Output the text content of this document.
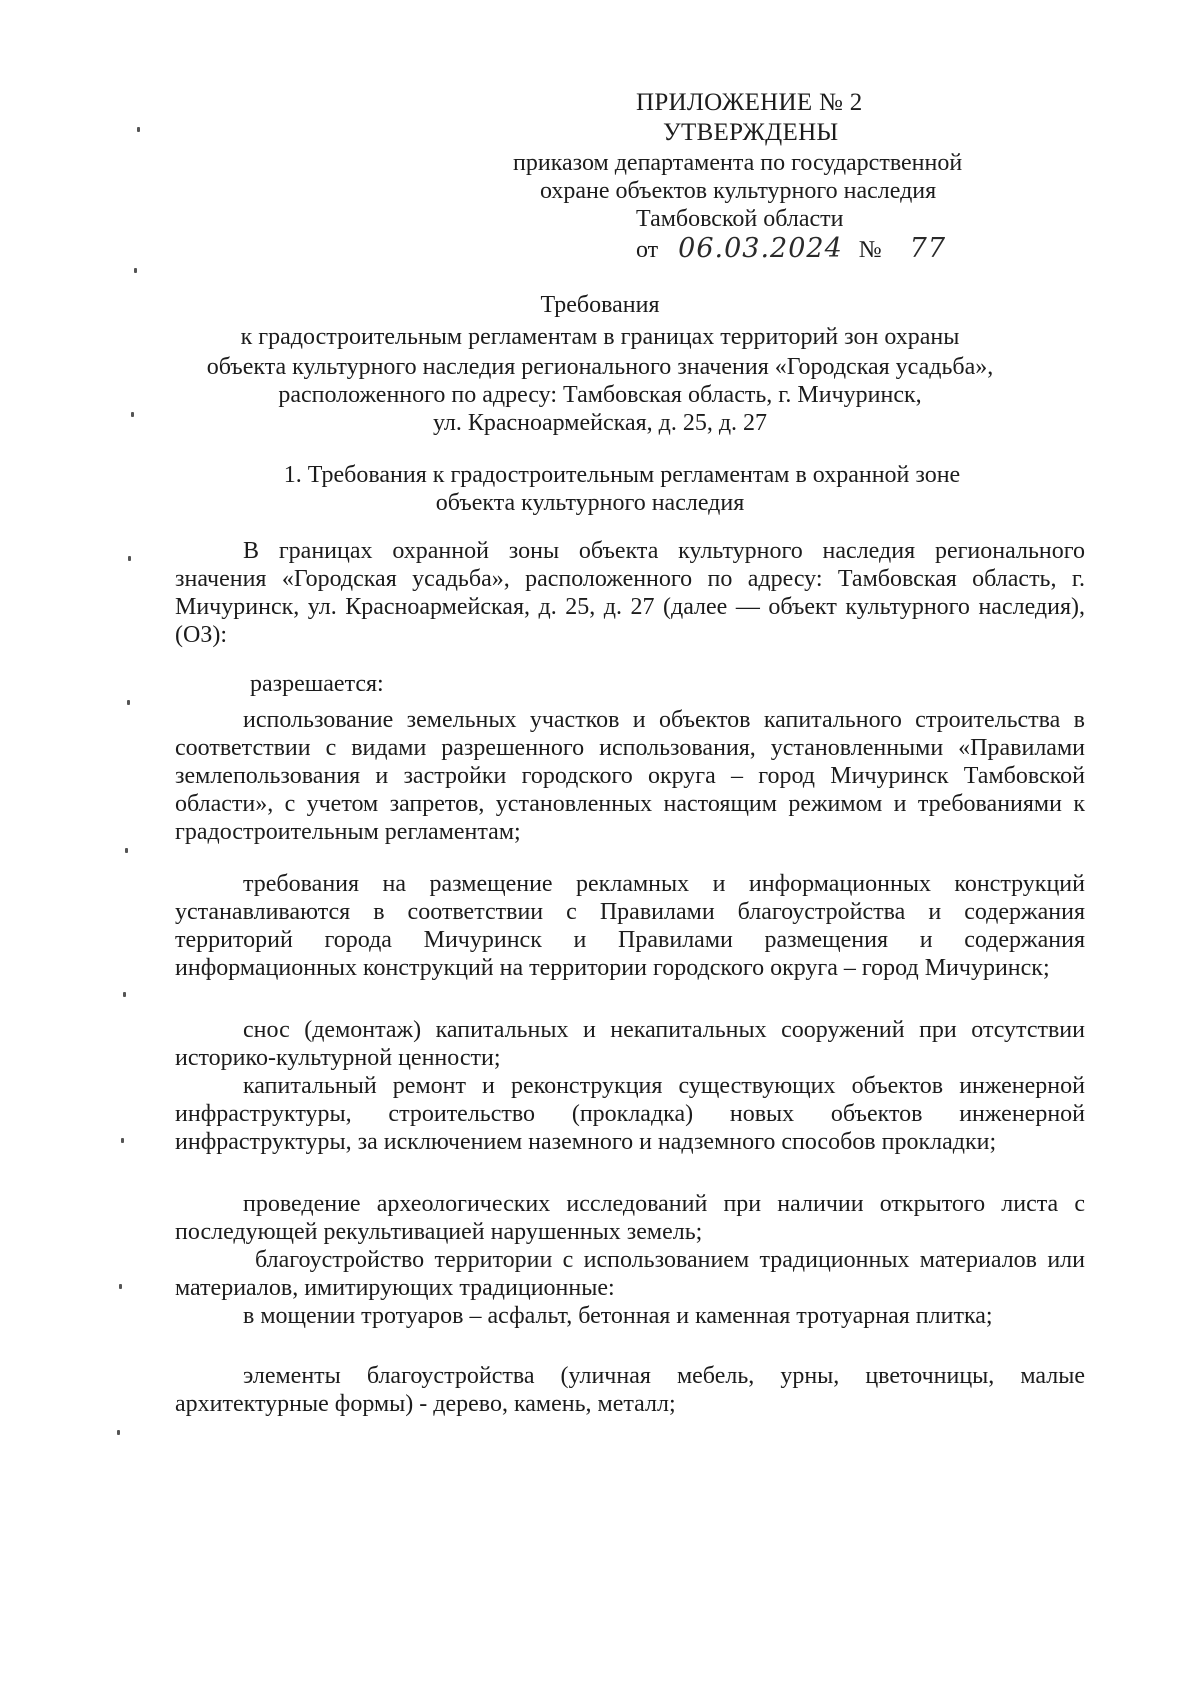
ПРИЛОЖЕНИЕ № 2
УТВЕРЖДЕНЫ
приказом департамента по государственной
охране объектов культурного наследия
Тамбовской области
от 06.03.2024 № 77
Требования
к градостроительным регламентам в границах территорий зон охраны
объекта культурного наследия регионального значения «Городская усадьба»,
расположенного по адресу: Тамбовская область, г. Мичуринск,
ул. Красноармейская, д. 25, д. 27
1. Требования к градостроительным регламентам в охранной зоне
объекта культурного наследия

В границах охранной зоны объекта культурного наследия регионального значения «Городская усадьба», расположенного по адресу: Тамбовская область, г. Мичуринск, ул. Красноармейская, д. 25, д. 27 (далее — объект культурного наследия), (ОЗ):

разрешается:

использование земельных участков и объектов капитального строительства в соответствии с видами разрешенного использования, установленными «Правилами землепользования и застройки городского округа – город Мичуринск Тамбовской области», с учетом запретов, установленных настоящим режимом и требованиями к градостроительным регламентам;

требования на размещение рекламных и информационных конструкций устанавливаются в соответствии с Правилами благоустройства и содержания территорий города Мичуринск и Правилами размещения и содержания информационных конструкций на территории городского округа – город Мичуринск;

снос (демонтаж) капитальных и некапитальных сооружений при отсутствии историко-культурной ценности;

капитальный ремонт и реконструкция существующих объектов инженерной инфраструктуры, строительство (прокладка) новых объектов инженерной инфраструктуры, за исключением наземного и надземного способов прокладки;

проведение археологических исследований при наличии открытого листа с последующей рекультивацией нарушенных земель;

благоустройство территории с использованием традиционных материалов или материалов, имитирующих традиционные:

в мощении тротуаров – асфальт, бетонная и каменная тротуарная плитка;

элементы благоустройства (уличная мебель, урны, цветочницы, малые архитектурные формы) - дерево, камень, металл;
